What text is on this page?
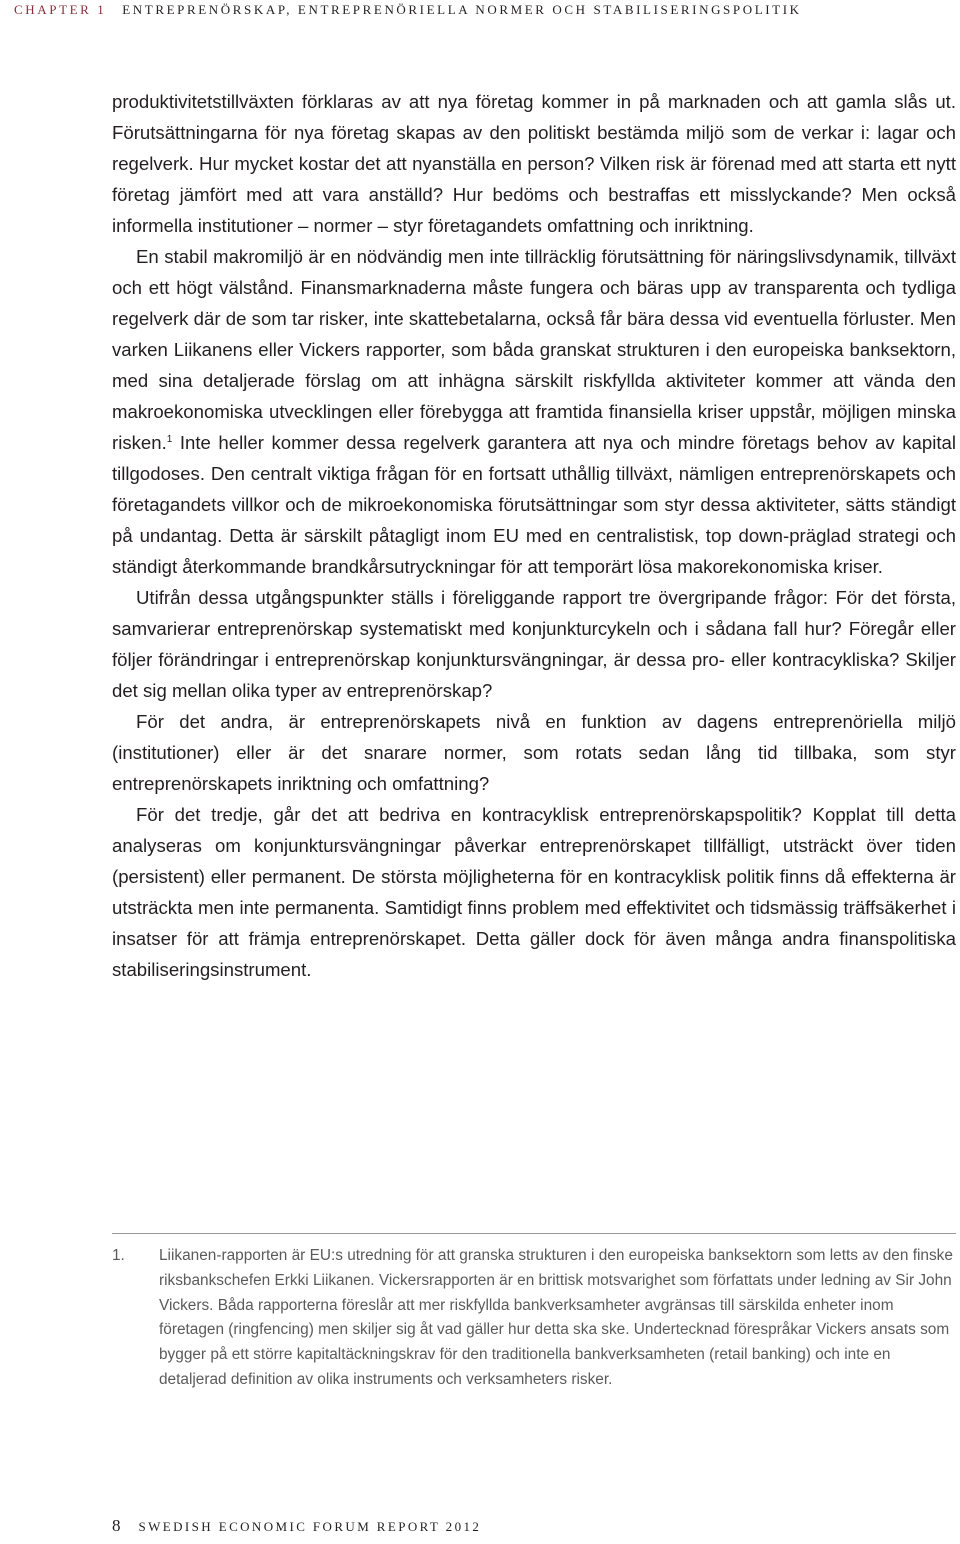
CHAPTER 1 ENTREPRENÖRSKAP, ENTREPRENÖRIELLA NORMER OCH STABILISERINGSPOLITIK

produktivitetstillväxten förklaras av att nya företag kommer in på marknaden och att gamla slås ut. Förutsättningarna för nya företag skapas av den politiskt bestämda miljö som de verkar i: lagar och regelverk. Hur mycket kostar det att nyanställa en person? Vilken risk är förenad med att starta ett nytt företag jämfört med att vara anställd? Hur bedöms och bestraffas ett misslyckande? Men också informella institutioner – normer – styr företagandets omfattning och inriktning.

En stabil makromiljö är en nödvändig men inte tillräcklig förutsättning för näringslivsdynamik, tillväxt och ett högt välstånd. Finansmarknaderna måste fungera och bäras upp av transparenta och tydliga regelverk där de som tar risker, inte skattebetalarna, också får bära dessa vid eventuella förluster. Men varken Liikanens eller Vickers rapporter, som båda granskat strukturen i den europeiska banksektorn, med sina detaljerade förslag om att inhägna särskilt riskfyllda aktiviteter kommer att vända den makroekonomiska utvecklingen eller förebygga att framtida finansiella kriser uppstår, möjligen minska risken.$^1$ Inte heller kommer dessa regelverk garantera att nya och mindre företags behov av kapital tillgodoses. Den centralt viktiga frågan för en fortsatt uthållig tillväxt, nämligen entreprenörskapets och företagandets villkor och de mikroekonomiska förutsättningar som styr dessa aktiviteter, sätts ständigt på undantag. Detta är särskilt påtagligt inom EU med en centralistisk, top down-präglad strategi och ständigt återkommande brandkårsutryckningar för att temporärt lösa makorekonomiska kriser.

Utifrån dessa utgångspunkter ställs i föreliggande rapport tre övergripande frågor: För det första, samvarierar entreprenörskap systematiskt med konjunkturcykeln och i sådana fall hur? Föregår eller följer förändringar i entreprenörskap konjunktursvängningar, är dessa pro- eller kontracykliska? Skiljer det sig mellan olika typer av entreprenörskap?

För det andra, är entreprenörskapets nivå en funktion av dagens entreprenöriella miljö (institutioner) eller är det snarare normer, som rotats sedan lång tid tillbaka, som styr entreprenörskapets inriktning och omfattning?

För det tredje, går det att bedriva en kontracyklisk entreprenörskapspolitik? Kopplat till detta analyseras om konjunktursvängningar påverkar entreprenörskapet tillfälligt, utsträckt över tiden (persistent) eller permanent. De största möjligheterna för en kontracyklisk politik finns då effekterna är utsträckta men inte permanenta. Samtidigt finns problem med effektivitet och tidsmässig träffsäkerhet i insatser för att främja entreprenörskapet. Detta gäller dock för även många andra finanspolitiska stabiliseringsinstrument.

1. Liikanen-rapporten är EU:s utredning för att granska strukturen i den europeiska banksektorn som letts av den finske riksbankschefen Erkki Liikanen. Vickersrapporten är en brittisk motsvarighet som författats under ledning av Sir John Vickers. Båda rapporterna föreslår att mer riskfyllda bankverksamheter avgränsas till särskilda enheter inom företagen (ringfencing) men skiljer sig åt vad gäller hur detta ska ske. Undertecknad förespråkar Vickers ansats som bygger på ett större kapitaltäckningskrav för den traditionella bankverksamheten (retail banking) och inte en detaljerad definition av olika instruments och verksamheters risker.
8 SWEDISH ECONOMIC FORUM REPORT 2012
